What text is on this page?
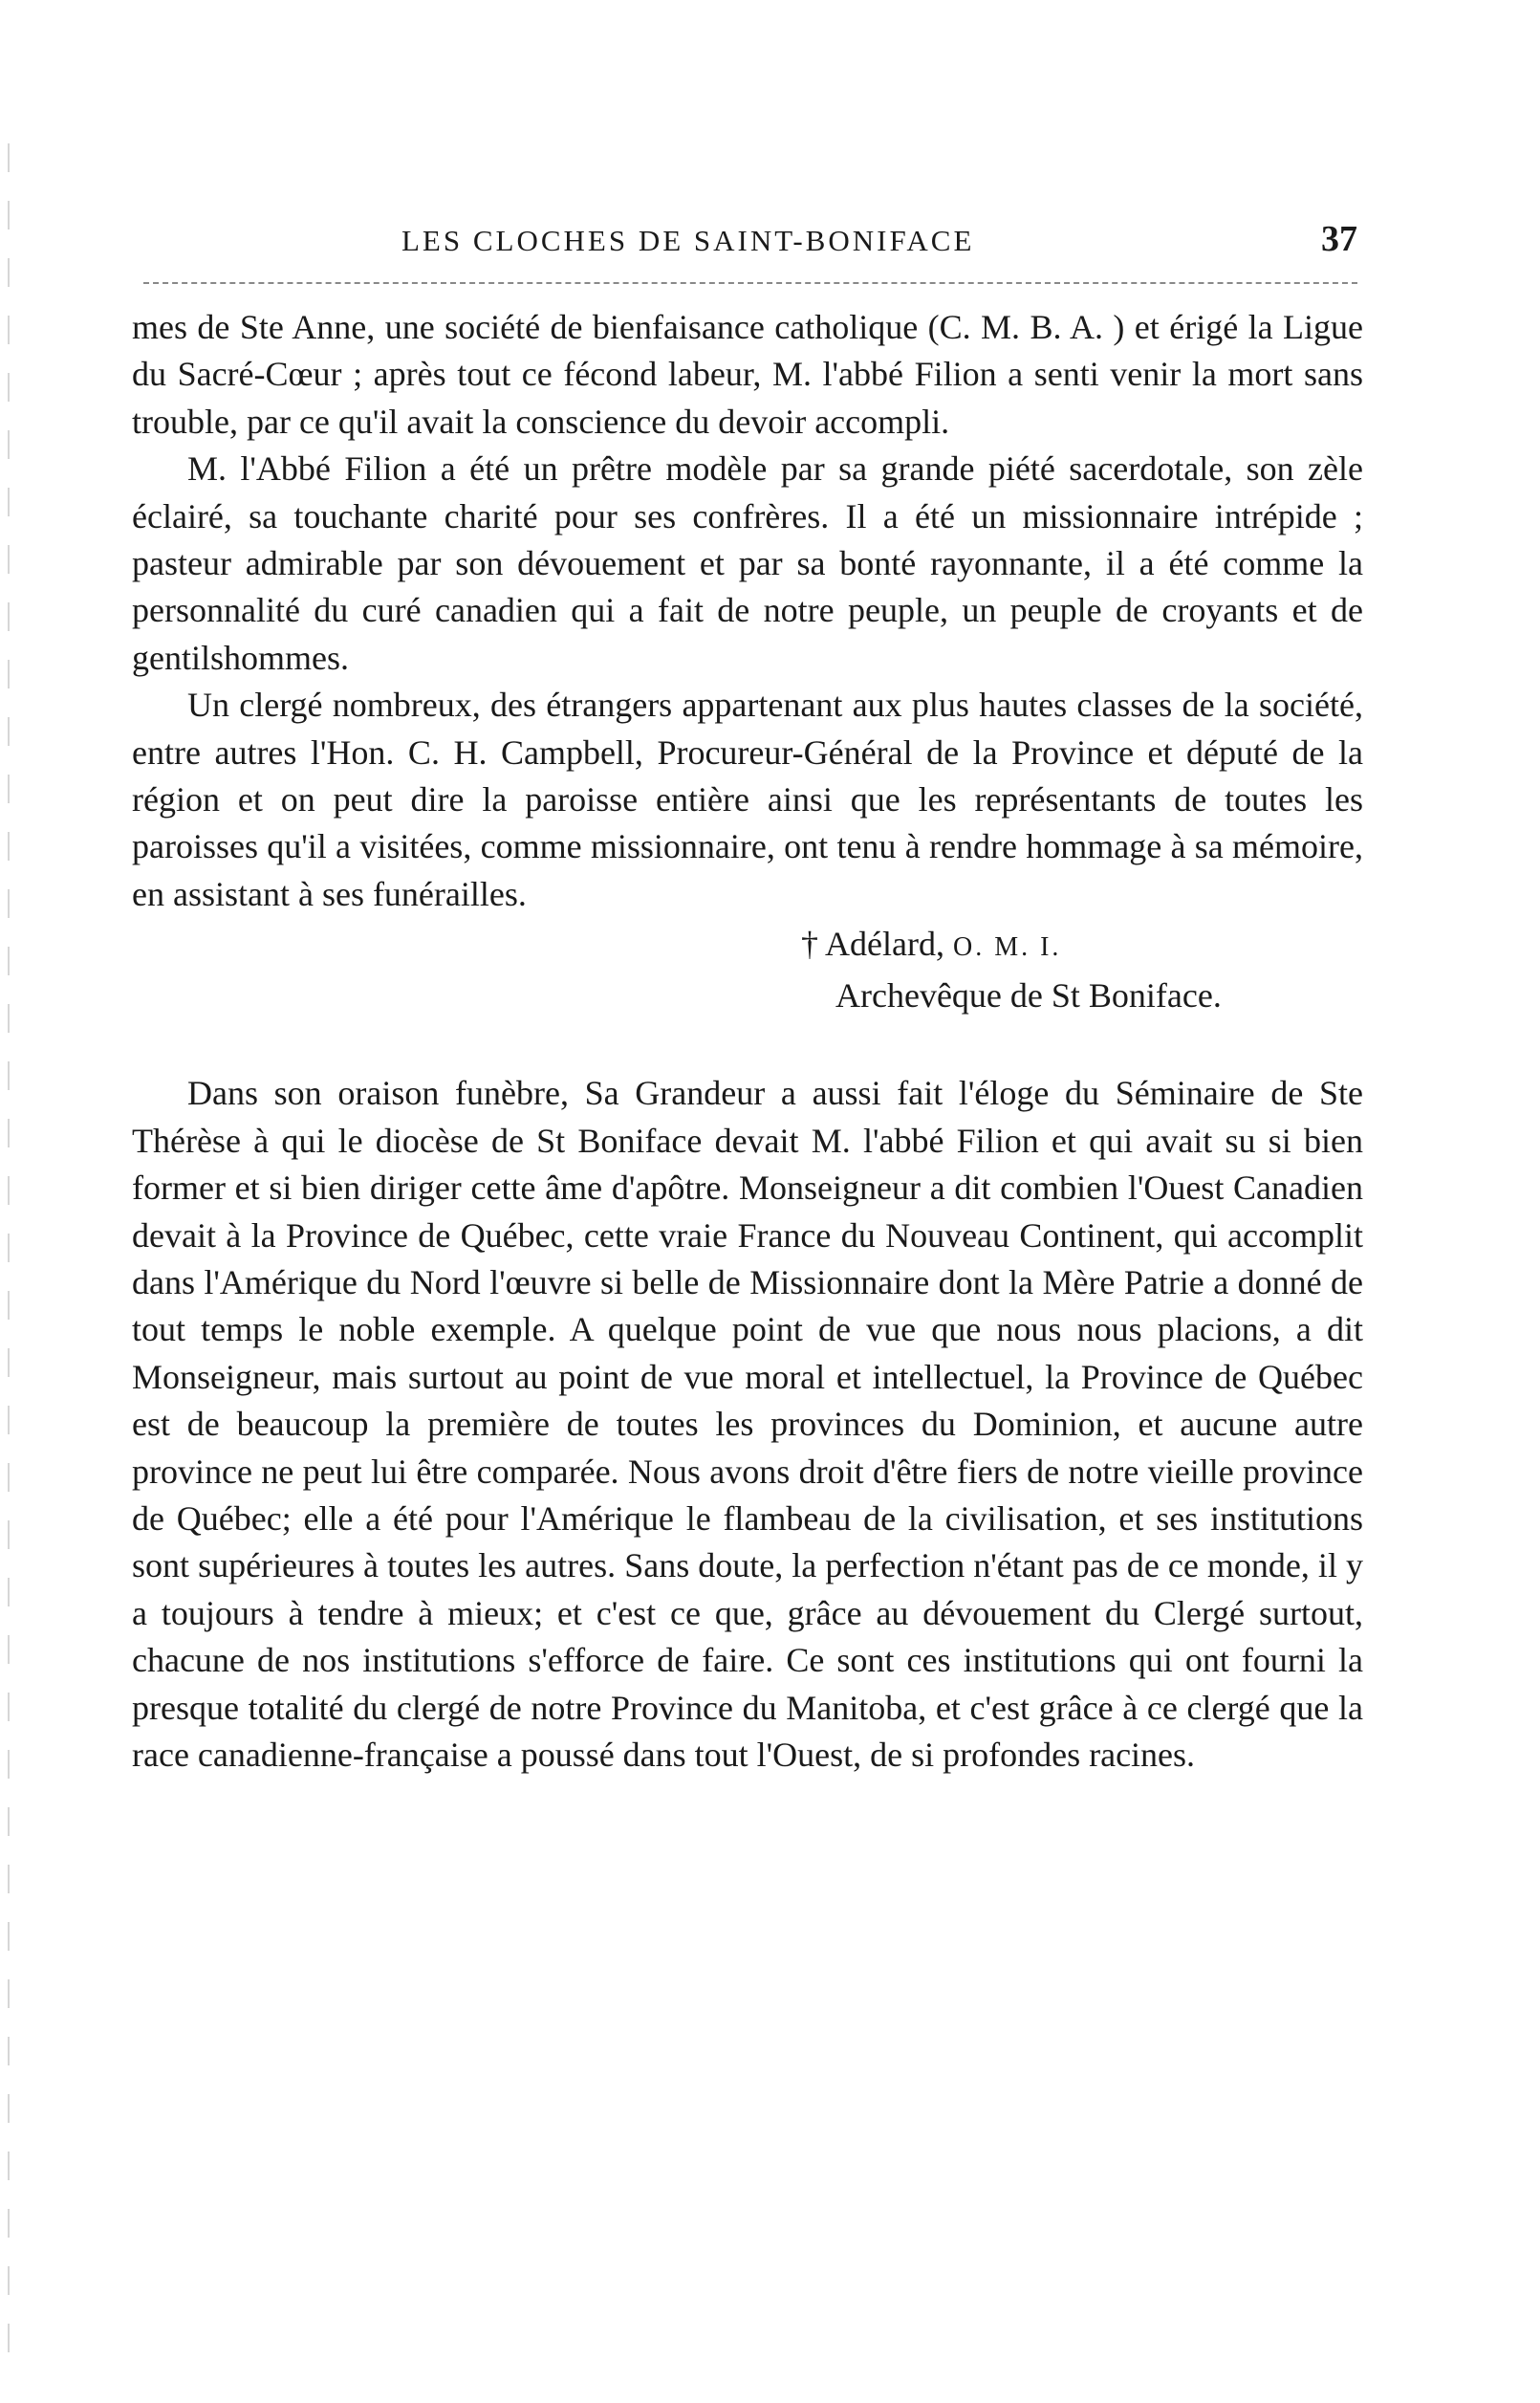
LES CLOCHES DE SAINT-BONIFACE	37

mes de Ste Anne, une société de bienfaisance catholique (C. M. B. A. ) et érigé la Ligue du Sacré-Cœur ; après tout ce fécond labeur, M. l'abbé Filion a senti venir la mort sans trouble, par ce qu'il avait la conscience du devoir accompli.

M. l'Abbé Filion a été un prêtre modèle par sa grande piété sacerdotale, son zèle éclairé, sa touchante charité pour ses confrères. Il a été un missionnaire intrépide ; pasteur admirable par son dévouement et par sa bonté rayonnante, il a été comme la personnalité du curé canadien qui a fait de notre peuple, un peuple de croyants et de gentilshommes.

Un clergé nombreux, des étrangers appartenant aux plus hautes classes de la société, entre autres l'Hon. C. H. Campbell, Procureur-Général de la Province et député de la région et on peut dire la paroisse entière ainsi que les représentants de toutes les paroisses qu'il a visitées, comme missionnaire, ont tenu à rendre hommage à sa mémoire, en assistant à ses funérailles.

† Adélard, O. M. I.
Archevêque de St Boniface.

Dans son oraison funèbre, Sa Grandeur a aussi fait l'éloge du Séminaire de Ste Thérèse à qui le diocèse de St Boniface devait M. l'abbé Filion et qui avait su si bien former et si bien diriger cette âme d'apôtre. Monseigneur a dit combien l'Ouest Canadien devait à la Province de Québec, cette vraie France du Nouveau Continent, qui accomplit dans l'Amérique du Nord l'œuvre si belle de Missionnaire dont la Mère Patrie a donné de tout temps le noble exemple. A quelque point de vue que nous nous placions, a dit Monseigneur, mais surtout au point de vue moral et intellectuel, la Province de Québec est de beaucoup la première de toutes les provinces du Dominion, et aucune autre province ne peut lui être comparée. Nous avons droit d'être fiers de notre vieille province de Québec; elle a été pour l'Amérique le flambeau de la civilisation, et ses institutions sont supérieures à toutes les autres. Sans doute, la perfection n'étant pas de ce monde, il y a toujours à tendre à mieux; et c'est ce que, grâce au dévouement du Clergé surtout, chacune de nos institutions s'efforce de faire. Ce sont ces institutions qui ont fourni la presque totalité du clergé de notre Province du Manitoba, et c'est grâce à ce clergé que la race canadienne-française a poussé dans tout l'Ouest, de si profondes racines.
